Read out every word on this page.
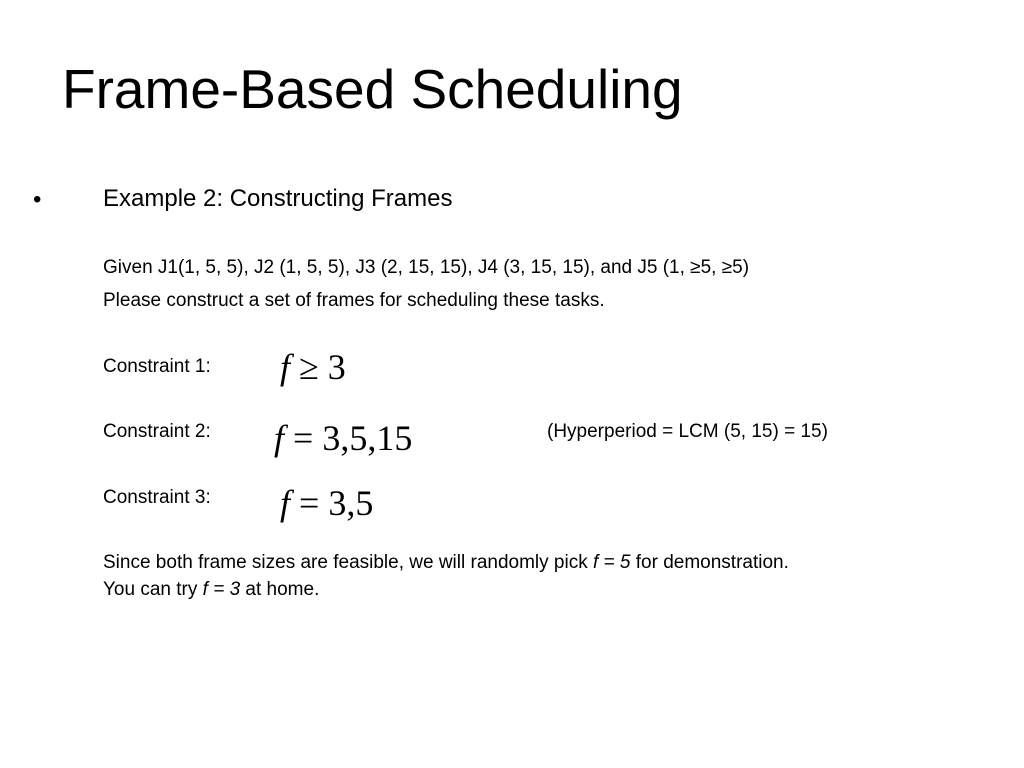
Frame-Based Scheduling
•	Example 2: Constructing Frames
Given J1(1, 5, 5), J2 (1, 5, 5), J3 (2, 15, 15), J4 (3, 15, 15), and J5 (1, ≥5, ≥5)
Please construct a set of frames for scheduling these tasks.
Constraint 1: f ≥ 3
Constraint 2: f = 3,5,15	(Hyperperiod = LCM (5, 15) = 15)
Constraint 3: f = 3,5
Since both frame sizes are feasible, we will randomly pick f = 5 for demonstration.
You can try f = 3 at home.
